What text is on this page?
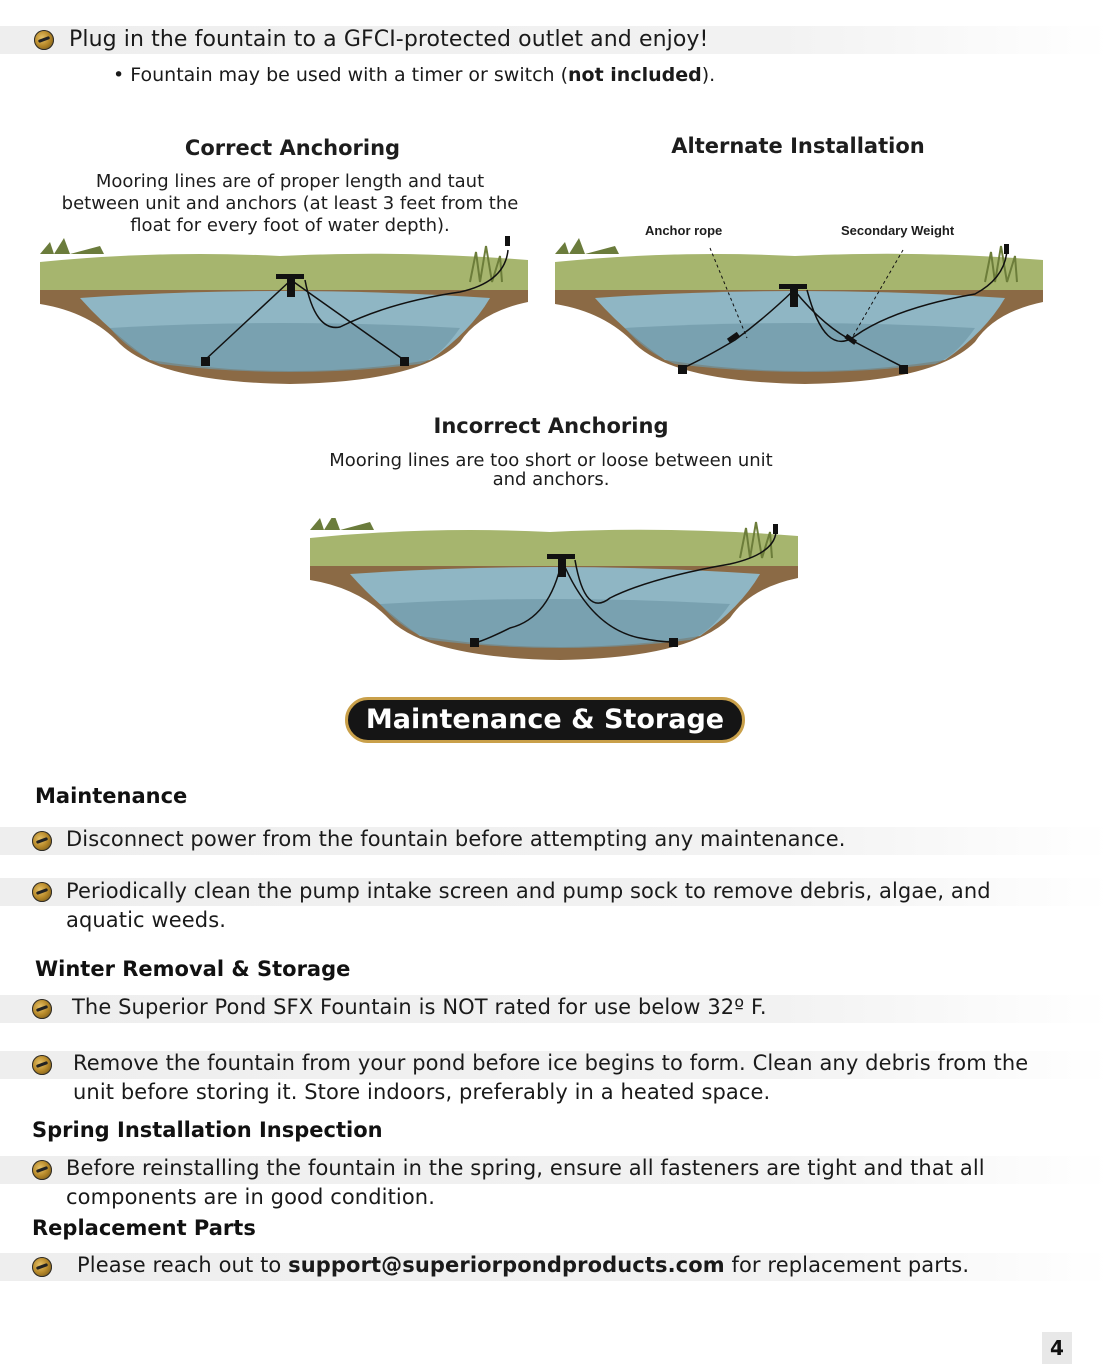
Plug in the fountain to a GFCI-protected outlet and enjoy!
• Fountain may be used with a timer or switch (not included).
Correct Anchoring
Mooring lines are of proper length and taut
between unit and anchors (at least 3 feet from the
float for every foot of water depth).
Alternate Installation
Anchor rope	Secondary Weight
Incorrect Anchoring
Mooring lines are too short or loose between unit
and anchors.
Maintenance & Storage
Maintenance
Disconnect power from the fountain before attempting any maintenance.
Periodically clean the pump intake screen and pump sock to remove debris, algae, and
aquatic weeds.
Winter Removal & Storage
The Superior Pond SFX Fountain is NOT rated for use below 32º F.
Remove the fountain from your pond before ice begins to form. Clean any debris from the
unit before storing it. Store indoors, preferably in a heated space.
Spring Installation Inspection
Before reinstalling the fountain in the spring, ensure all fasteners are tight and that all
components are in good condition.
Replacement Parts
Please reach out to support@superiorpondproducts.com for replacement parts.
4
